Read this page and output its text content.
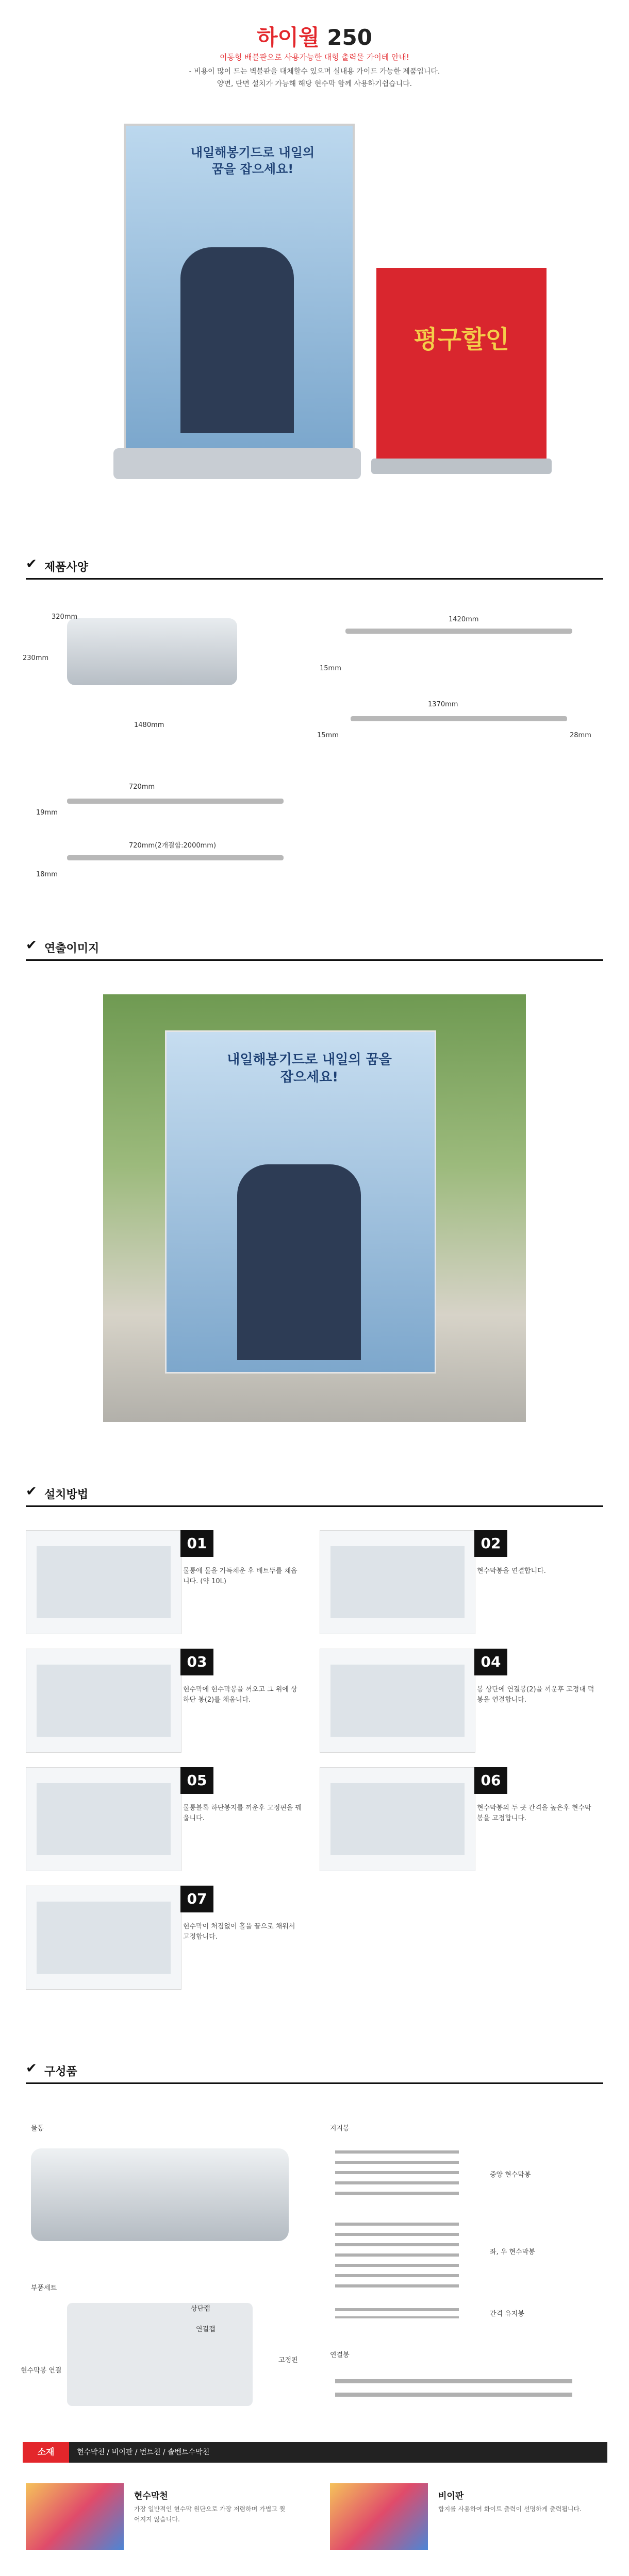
하이월 250
이동형 배블판으로 사용가능한 대형 출력물 가이테 안내!
- 비용이 많이 드는 벽블판을 대체할수 있으며 실내용 가이드 가능한 제품입니다.
양면, 단면 설치가 가능해 해당 현수막 함께 사용하기쉽습니다.
내일해봉기드로 내일의 꿈을 잡으세요!
평구할인
✔ 제품사양
320mm
230mm
1480mm
1420mm
15mm
1370mm
15mm	28mm
720mm
19mm
720mm(2개결합:2000mm)
18mm
✔ 연출이미지
내일해봉기드로 내일의 꿈을 잡으세요!
✔ 설치방법
01
물통에 물을 가득채운 후 배트뚜를 채웁니다. (약 10L)
02
현수막봉을 연결합니다.
03
현수막에 현수막봉을 꺼오고 그 위에 상 하단 봉(2)를 채웁니다.
04
봉 상단에 연결봉(2)을 끼운후 고정대 덕봉을 연결합니다.
05
물통블록 하단봉지를 끼운후 고정핀을 꿰웁니다.
06
현수막봉의 두 곳 간격을 높은후 현수막봉을 고정합니다.
07
현수막이 처짐없이 홀을 끝으로 채워서 고정합니다.
✔ 구성품
물통
부품세트
상단캡
연결캡
고정핀
현수막봉 연결
지지봉
중앙 현수막봉
좌, 우 현수막봉
간격 유지봉
연결봉
소재	현수막천 / 비이판 / 번트천 / 솔벤트수막천
현수막천
가장 일반적인 현수막 원단으로 가장 저렴하며 가볍고 찢어지지 않습니다.
비이판
합지를 사용하여 화이트 출력이 선명하게 출력됩니다.
